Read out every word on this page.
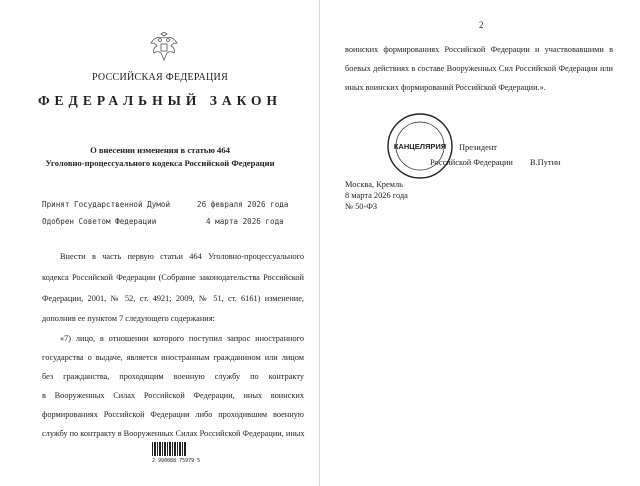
РОССИЙСКАЯ ФЕДЕРАЦИЯ
ФЕДЕРАЛЬНЫЙ ЗАКОН
О внесении изменения в статью 464
Уголовно-процессуального кодекса Российской Федерации
Принят Государственной Думой	26 февраля 2026 года
Одобрен Советом Федерации	4 марта 2026 года
Внести в часть первую статьи 464 Уголовно-процессуального
кодекса Российской Федерации (Собрание законодательства Российской
Федерации, 2001, № 52, ст. 4921; 2009, № 51, ст. 6161) изменение,
дополнив ее пунктом 7 следующего содержания:
«7) лицо, в отношении которого поступил запрос иностранного
государства о выдаче, является иностранным гражданином или лицом
без гражданства, проходящим военную службу по контракту
в Вооруженных Силах Российской Федерации, иных воинских
формированиях Российской Федерации либо проходившим военную
службу по контракту в Вооруженных Силах Российской Федерации, иных
2 990088 75979 5
2
воинских формированиях Российской Федерации и участвовавшими в
боевых действиях в составе Вооруженных Сил Российской Федерации или
иных воинских формирований Российской Федерации.».
КАНЦЕЛЯРИЯ Президент
Российской Федерации В.Путин
Москва, Кремль
8 марта 2026 года
№ 50-ФЗ
